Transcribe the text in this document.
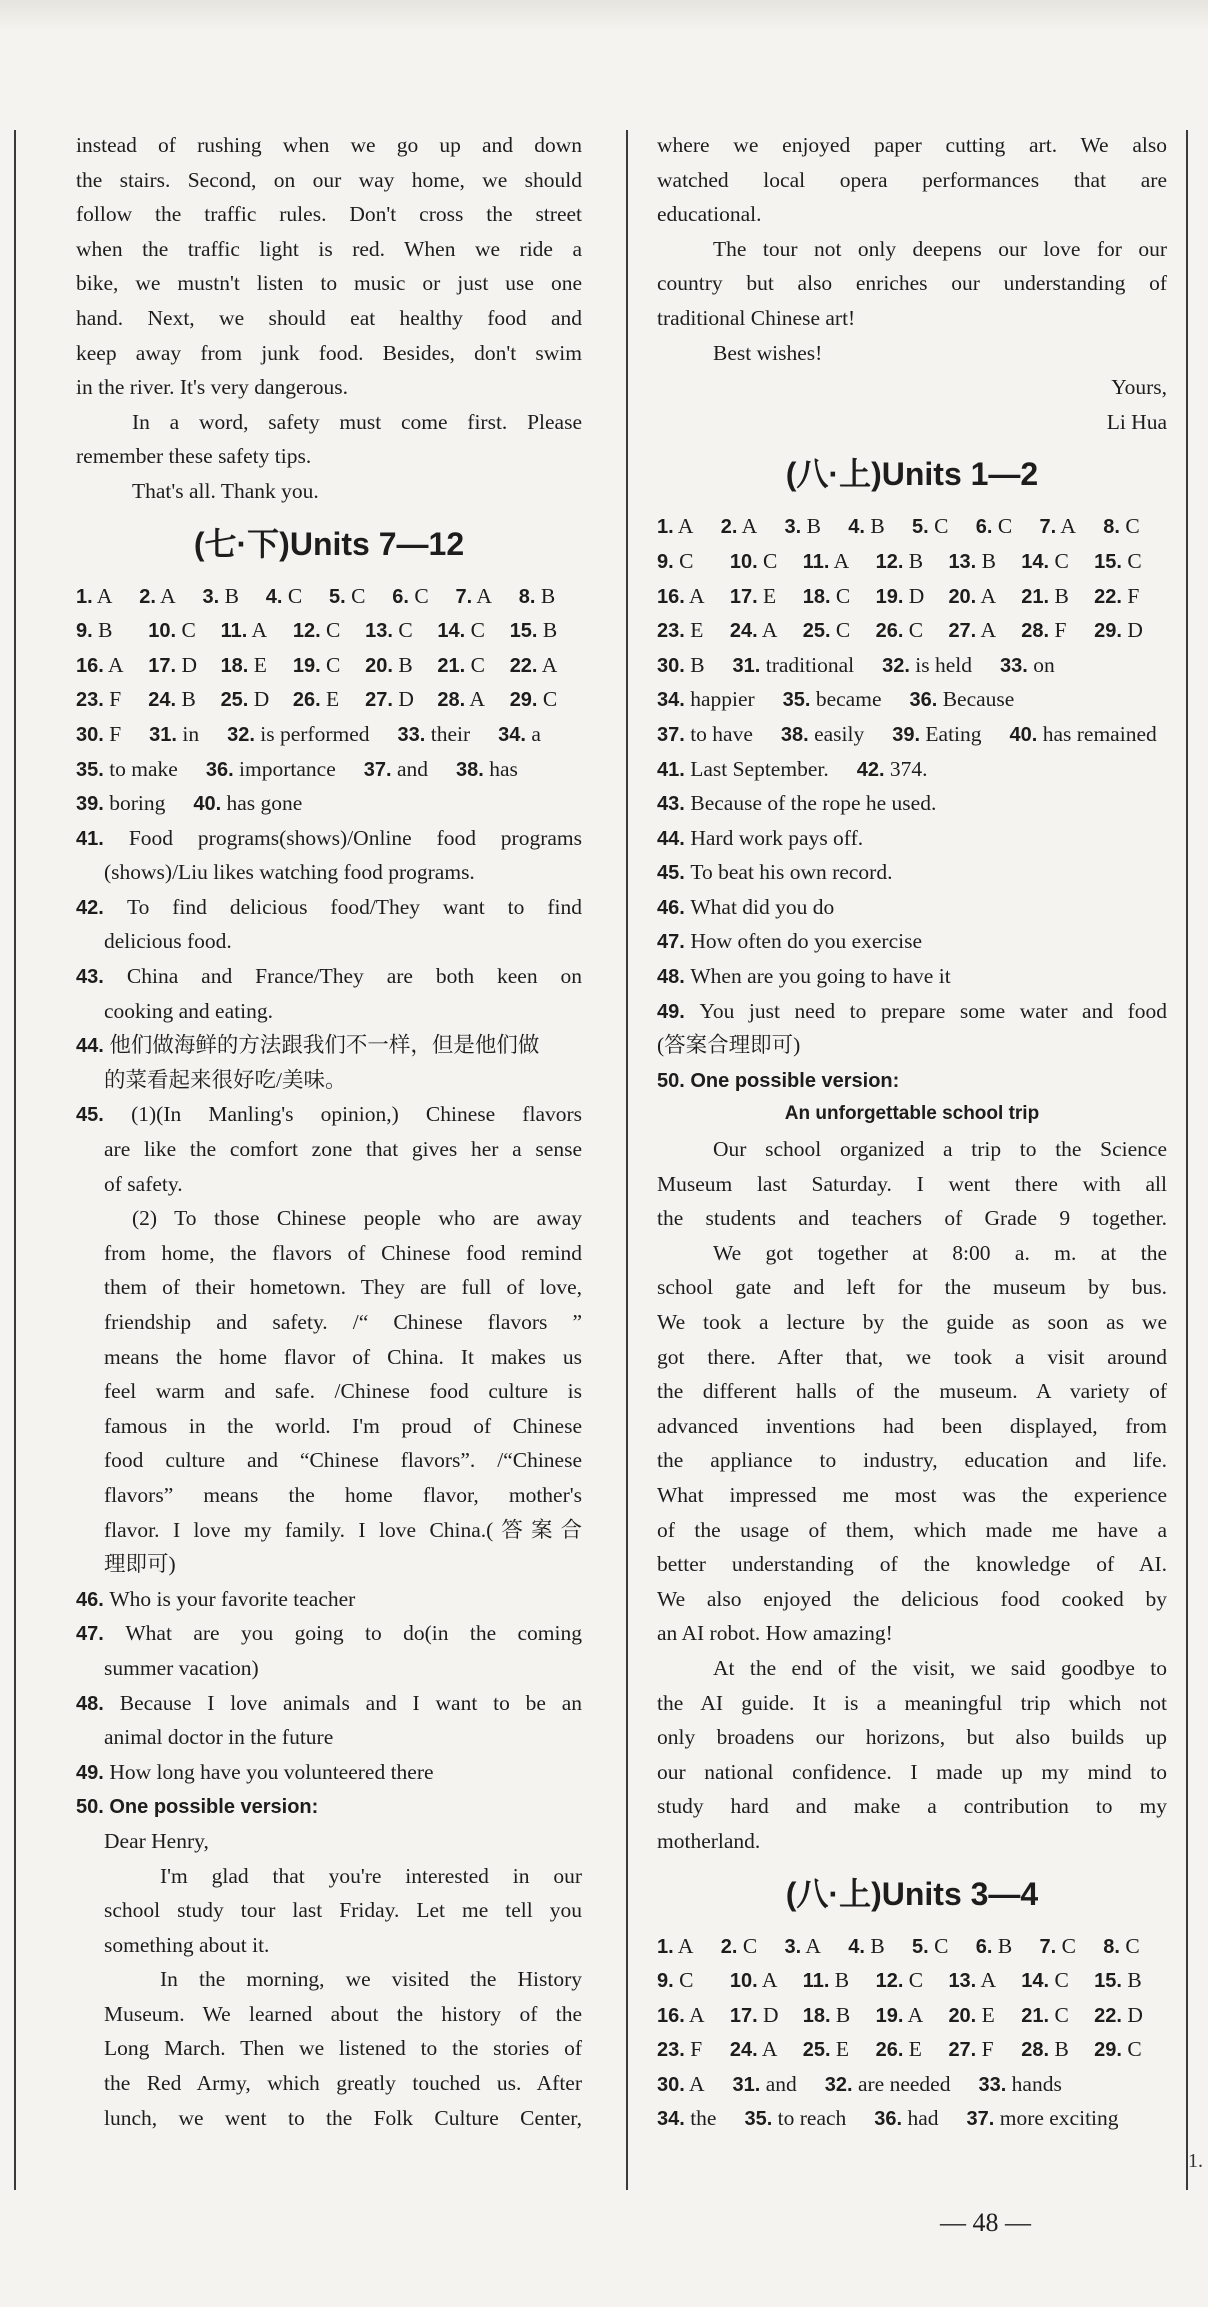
instead of rushing when we go up and down
the stairs. Second, on our way home, we should
follow the traffic rules. Don't cross the street
when the traffic light is red. When we ride a
bike, we mustn't listen to music or just use one
hand. Next, we should eat healthy food and
keep away from junk food. Besides, don't swim
in the river. It's very dangerous.
In a word, safety must come first. Please
remember these safety tips.
That's all. Thank you.
(七·下)Units 7—12
1. A	2. A	3. B	4. C	5. C	6. C	7. A	8. B
9. B	10. C	11. A	12. C	13. C	14. C	15. B
16. A	17. D	18. E	19. C	20. B	21. C	22. A
23. F	24. B	25. D	26. E	27. D	28. A	29. C
30. F 31. in 32. is performed 33. their 34. a
35. to make 36. importance 37. and 38. has
39. boring 40. has gone
41. Food programs(shows)/Online food programs
(shows)/Liu likes watching food programs.
42. To find delicious food/They want to find
delicious food.
43. China and France/They are both keen on
cooking and eating.
44. 他们做海鲜的方法跟我们不一样，但是他们做
的菜看起来很好吃/美味。
45. (1)(In Manling's opinion,) Chinese flavors
are like the comfort zone that gives her a sense
of safety.
(2) To those Chinese people who are away
from home, the flavors of Chinese food remind
them of their hometown. They are full of love,
friendship and safety. /“ Chinese flavors ”
means the home flavor of China. It makes us
feel warm and safe. /Chinese food culture is
famous in the world. I'm proud of Chinese
food culture and “Chinese flavors”. /“Chinese
flavors” means the home flavor, mother's
flavor. I love my family. I love China.(答案合
理即可)
46. Who is your favorite teacher
47. What are you going to do(in the coming
summer vacation)
48. Because I love animals and I want to be an
animal doctor in the future
49. How long have you volunteered there
50. One possible version:
Dear Henry,
I'm glad that you're interested in our
school study tour last Friday. Let me tell you
something about it.
In the morning, we visited the History
Museum. We learned about the history of the
Long March. Then we listened to the stories of
the Red Army, which greatly touched us. After
lunch, we went to the Folk Culture Center,
where we enjoyed paper cutting art. We also
watched local opera performances that are
educational.
The tour not only deepens our love for our
country but also enriches our understanding of
traditional Chinese art!
Best wishes!
Yours,
Li Hua
(八·上)Units 1—2
1. A	2. A	3. B	4. B	5. C	6. C	7. A	8. C
9. C	10. C	11. A	12. B	13. B	14. C	15. C
16. A	17. E	18. C	19. D	20. A	21. B	22. F
23. E	24. A	25. C	26. C	27. A	28. F	29. D
30. B 31. traditional 32. is held 33. on
34. happier 35. became 36. Because
37. to have 38. easily 39. Eating 40. has remained
41. Last September. 42. 374.
43. Because of the rope he used.
44. Hard work pays off.
45. To beat his own record.
46. What did you do
47. How often do you exercise
48. When are you going to have it
49. You just need to prepare some water and food
(答案合理即可)
50. One possible version:
An unforgettable school trip
Our school organized a trip to the Science
Museum last Saturday. I went there with all
the students and teachers of Grade 9 together.
We got together at 8:00 a. m. at the
school gate and left for the museum by bus.
We took a lecture by the guide as soon as we
got there. After that, we took a visit around
the different halls of the museum. A variety of
advanced inventions had been displayed, from
the appliance to industry, education and life.
What impressed me most was the experience
of the usage of them, which made me have a
better understanding of the knowledge of AI.
We also enjoyed the delicious food cooked by
an AI robot. How amazing!
At the end of the visit, we said goodbye to
the AI guide. It is a meaningful trip which not
only broadens our horizons, but also builds up
our national confidence. I made up my mind to
study hard and make a contribution to my
motherland.
(八·上)Units 3—4
1. A	2. C	3. A	4. B	5. C	6. B	7. C	8. C
9. C	10. A	11. B	12. C	13. A	14. C	15. B
16. A	17. D	18. B	19. A	20. E	21. C	22. D
23. F	24. A	25. E	26. E	27. F	28. B	29. C
30. A 31. and 32. are needed 33. hands
34. the 35. to reach 36. had 37. more exciting
1.
— 48 —
